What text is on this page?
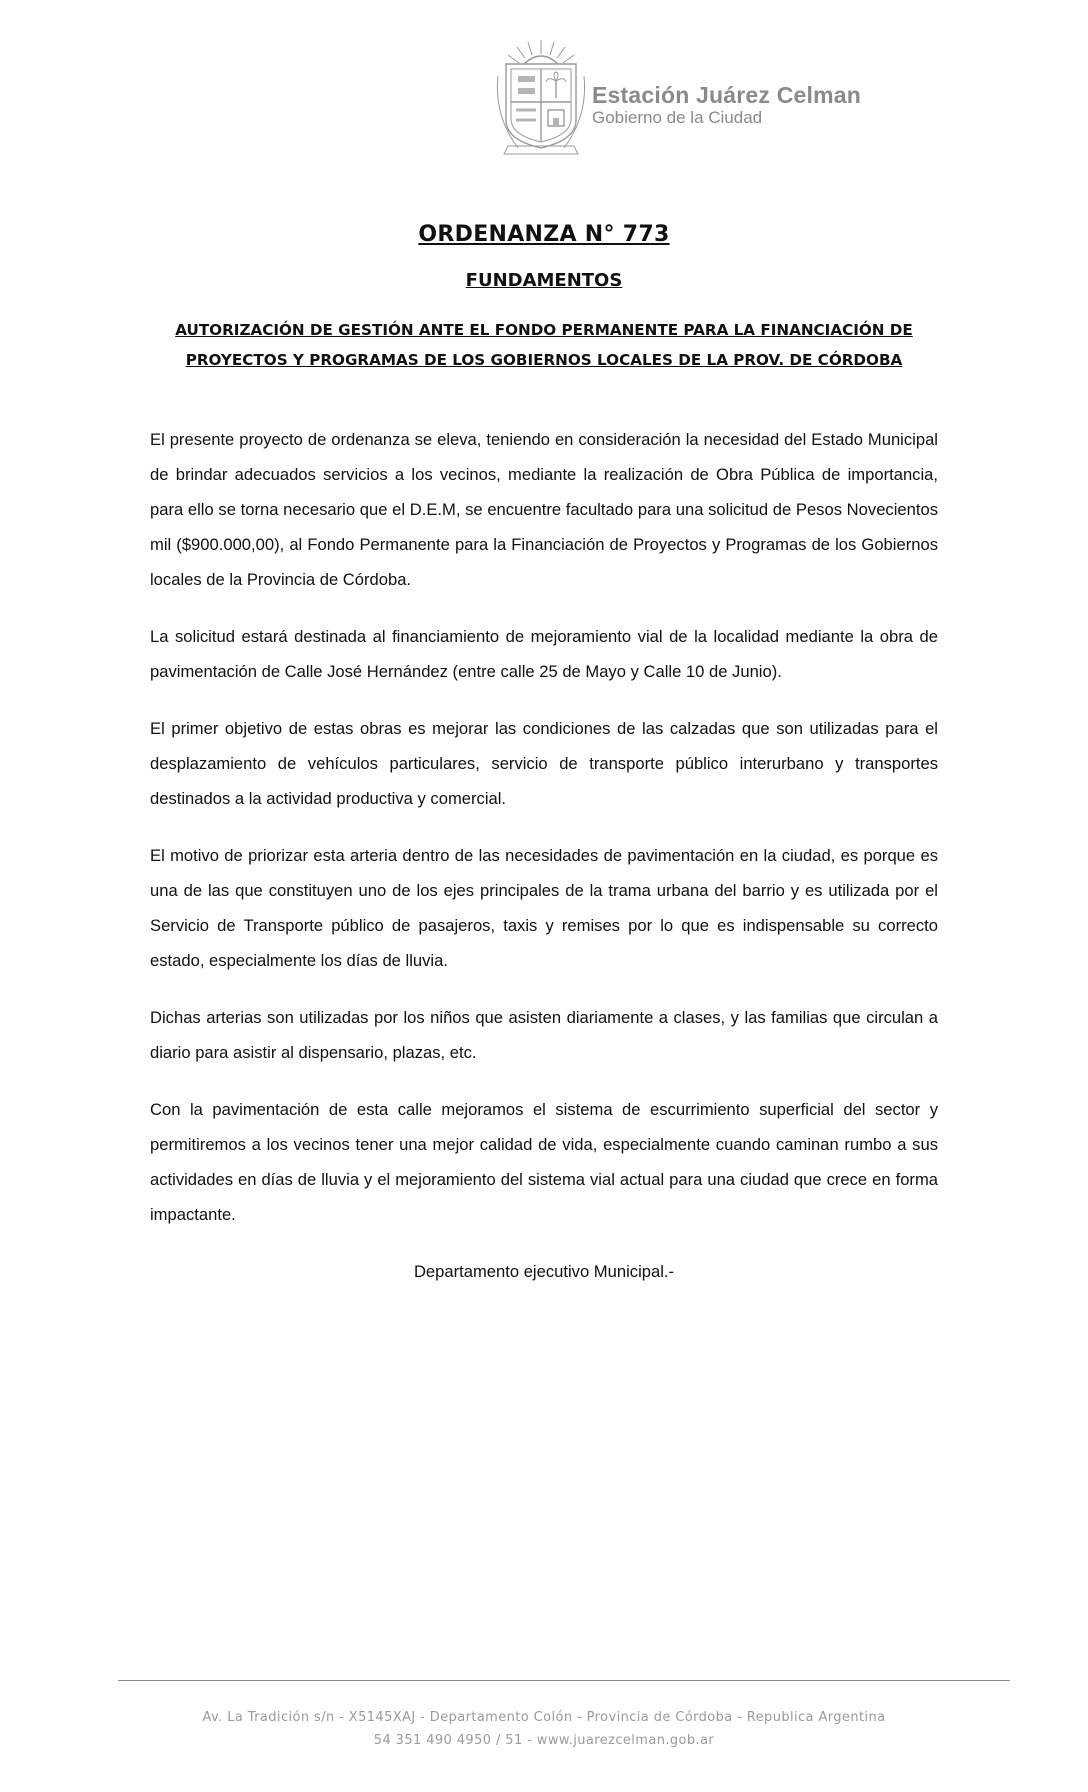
Estación Juárez Celman
Gobierno de la Ciudad
ORDENANZA N° 773
FUNDAMENTOS
AUTORIZACIÓN DE GESTIÓN ANTE EL FONDO PERMANENTE PARA LA FINANCIACIÓN DE PROYECTOS Y PROGRAMAS DE LOS GOBIERNOS LOCALES DE LA PROV. DE CÓRDOBA

El presente proyecto de ordenanza se eleva, teniendo en consideración la necesidad del Estado Municipal de brindar adecuados servicios a los vecinos, mediante la realización de Obra Pública de importancia, para ello se torna necesario que el D.E.M, se encuentre facultado para una solicitud de Pesos Novecientos mil ($900.000,00), al Fondo Permanente para la Financiación de Proyectos y Programas de los Gobiernos locales de la Provincia de Córdoba.

La solicitud estará destinada al financiamiento de mejoramiento vial de la localidad mediante la obra de pavimentación de Calle José Hernández (entre calle 25 de Mayo y Calle 10 de Junio).

El primer objetivo de estas obras es mejorar las condiciones de las calzadas que son utilizadas para el desplazamiento de vehículos particulares, servicio de transporte público interurbano y transportes destinados a la actividad productiva y comercial.

El motivo de priorizar esta arteria dentro de las necesidades de pavimentación en la ciudad, es porque es una de las que constituyen uno de los ejes principales de la trama urbana del barrio y es utilizada por el Servicio de Transporte público de pasajeros, taxis y remises por lo que es indispensable su correcto estado, especialmente los días de lluvia.

Dichas arterias son utilizadas por los niños que asisten diariamente a clases, y las familias que circulan a diario para asistir al dispensario, plazas, etc.

Con la pavimentación de esta calle mejoramos el sistema de escurrimiento superficial del sector y permitiremos a los vecinos tener una mejor calidad de vida, especialmente cuando caminan rumbo a sus actividades en días de lluvia y el mejoramiento del sistema vial actual para una ciudad que crece en forma impactante.

Departamento ejecutivo Municipal.-

Av. La Tradición s/n - X5145XAJ - Departamento Colón - Provincia de Córdoba - Republica Argentina
54 351 490 4950 / 51 - www.juarezcelman.gob.ar
